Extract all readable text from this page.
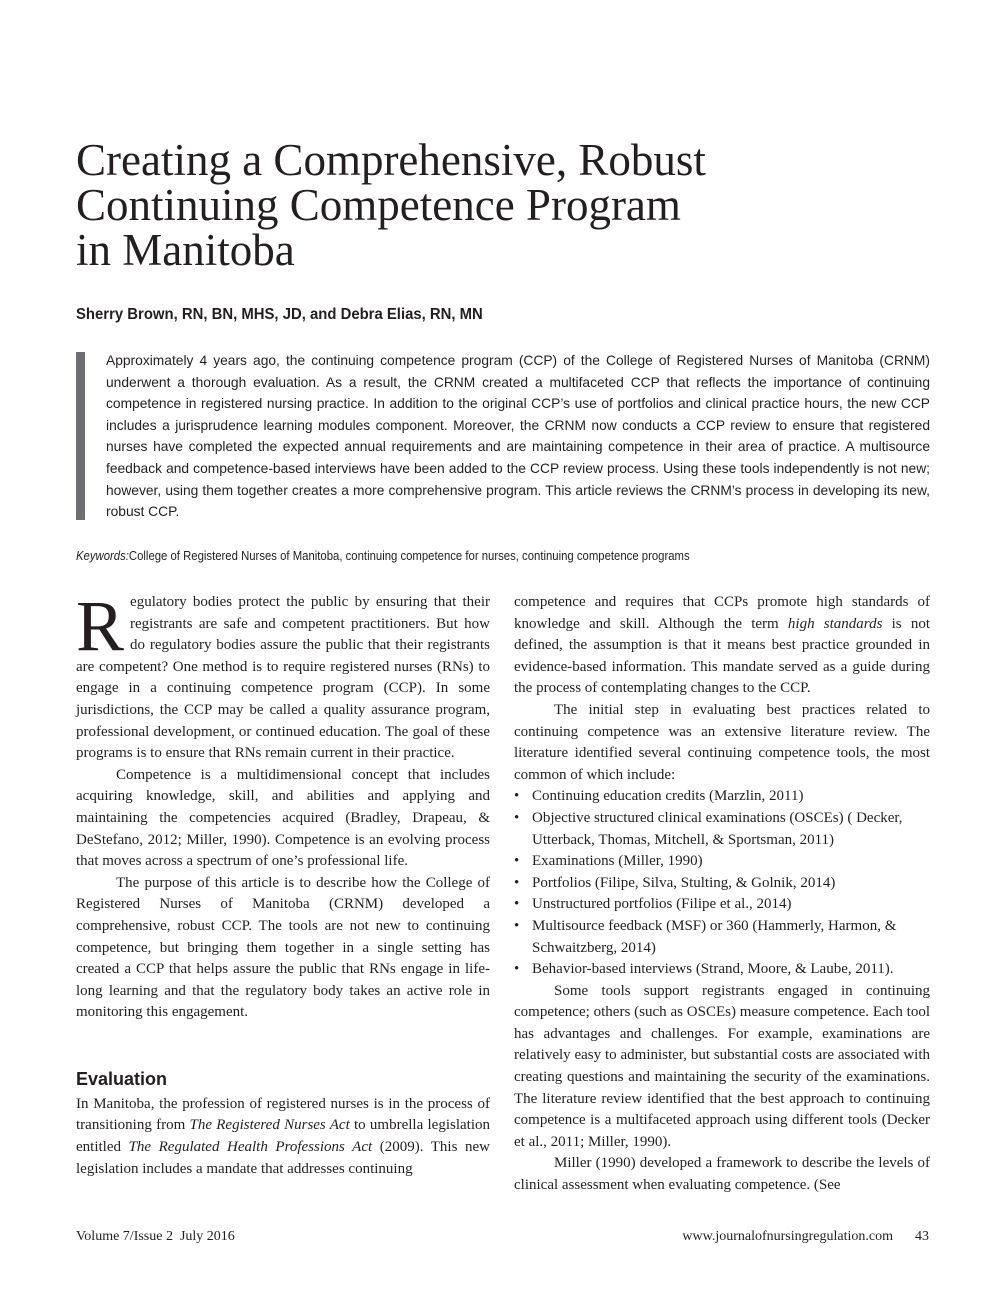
Creating a Comprehensive, Robust
Continuing Competence Program
in Manitoba
Sherry Brown, RN, BN, MHS, JD, and Debra Elias, RN, MN

Approximately 4 years ago, the continuing competence program (CCP) of the College of Registered Nurses of Manitoba (CRNM) underwent a thorough evaluation. As a result, the CRNM created a multifaceted CCP that reflects the importance of continuing competence in registered nursing practice. In addition to the original CCP’s use of portfolios and clinical practice hours, the new CCP includes a jurisprudence learning modules component. Moreover, the CRNM now conducts a CCP review to ensure that registered nurses have completed the expected annual requirements and are maintaining competence in their area of practice. A multisource feedback and competence-based interviews have been added to the CCP review process. Using these tools independently is not new; however, using them together creates a more comprehensive program. This article reviews the CRNM’s process in developing its new, robust CCP.

Keywords:College of Registered Nurses of Manitoba, continuing competence for nurses, continuing competence programs

Regulatory bodies protect the public by ensuring that their registrants are safe and competent practitioners. But how do regulatory bodies assure the public that their registrants are competent? One method is to require registered nurses (RNs) to engage in a continuing competence program (CCP). In some jurisdictions, the CCP may be called a quality assurance program, professional development, or continued education. The goal of these programs is to ensure that RNs remain current in their practice.

Competence is a multidimensional concept that includes acquiring knowledge, skill, and abilities and applying and maintaining the competencies acquired (Bradley, Drapeau, & DeStefano, 2012; Miller, 1990). Competence is an evolving process that moves across a spectrum of one’s professional life.

The purpose of this article is to describe how the College of Registered Nurses of Manitoba (CRNM) developed a comprehensive, robust CCP. The tools are not new to continuing competence, but bringing them together in a single setting has created a CCP that helps assure the public that RNs engage in life-long learning and that the regulatory body takes an active role in monitoring this engagement.

Evaluation

In Manitoba, the profession of registered nurses is in the process of transitioning from The Registered Nurses Act to umbrella legislation entitled The Regulated Health Professions Act (2009). This new legislation includes a mandate that addresses continuing

competence and requires that CCPs promote high standards of knowledge and skill. Although the term high standards is not defined, the assumption is that it means best practice grounded in evidence-based information. This mandate served as a guide during the process of contemplating changes to the CCP.

The initial step in evaluating best practices related to continuing competence was an extensive literature review. The literature identified several continuing competence tools, the most common of which include:

• Continuing education credits (Marzlin, 2011)
• Objective structured clinical examinations (OSCEs) ( Decker, Utterback, Thomas, Mitchell, & Sportsman, 2011)
• Examinations (Miller, 1990)
• Portfolios (Filipe, Silva, Stulting, & Golnik, 2014)
• Unstructured portfolios (Filipe et al., 2014)
• Multisource feedback (MSF) or 360 (Hammerly, Harmon, & Schwaitzberg, 2014)
• Behavior-based interviews (Strand, Moore, & Laube, 2011).

Some tools support registrants engaged in continuing competence; others (such as OSCEs) measure competence. Each tool has advantages and challenges. For example, examinations are relatively easy to administer, but substantial costs are associated with creating questions and maintaining the security of the examinations. The literature review identified that the best approach to continuing competence is a multifaceted approach using different tools (Decker et al., 2011; Miller, 1990).

Miller (1990) developed a framework to describe the levels of clinical assessment when evaluating competence. (See

Volume 7/Issue 2  July 2016	www.journalofnursingregulation.com 43
